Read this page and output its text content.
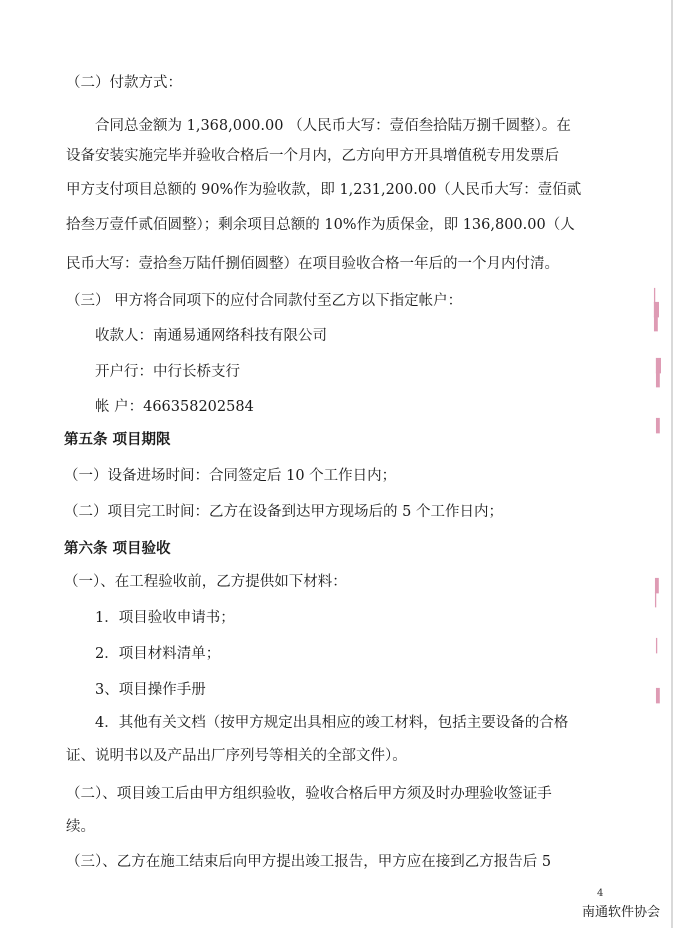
（二）付款方式：
合同总金额为 1,368,000.00 （人民币大写：壹佰叁拾陆万捌千圆整）。在
设备安装实施完毕并验收合格后一个月内，乙方向甲方开具增值税专用发票后
甲方支付项目总额的 90%作为验收款，即 1,231,200.00（人民币大写：壹佰贰
拾叁万壹仟贰佰圆整）；剩余项目总额的 10%作为质保金，即 136,800.00（人
民币大写：壹拾叁万陆仟捌佰圆整）在项目验收合格一年后的一个月内付清。
（三） 甲方将合同项下的应付合同款付至乙方以下指定帐户：
收款人：南通易通网络科技有限公司
开户行：中行长桥支行
帐 户：466358202584
第五条 项目期限
（一）设备进场时间：合同签定后 10 个工作日内；
（二）项目完工时间：乙方在设备到达甲方现场后的 5 个工作日内；
第六条 项目验收
（一）、在工程验收前，乙方提供如下材料：
1．项目验收申请书；
2．项目材料清单；
3、项目操作手册
4．其他有关文档（按甲方规定出具相应的竣工材料，包括主要设备的合格
证、说明书以及产品出厂序列号等相关的全部文件）。
（二）、项目竣工后由甲方组织验收，验收合格后甲方须及时办理验收签证手
续。
（三）、乙方在施工结束后向甲方提出竣工报告，甲方应在接到乙方报告后 5
▏
▌
▍
▌
▍
▍
▍
▏
▏
▍
4
南通软件协会
